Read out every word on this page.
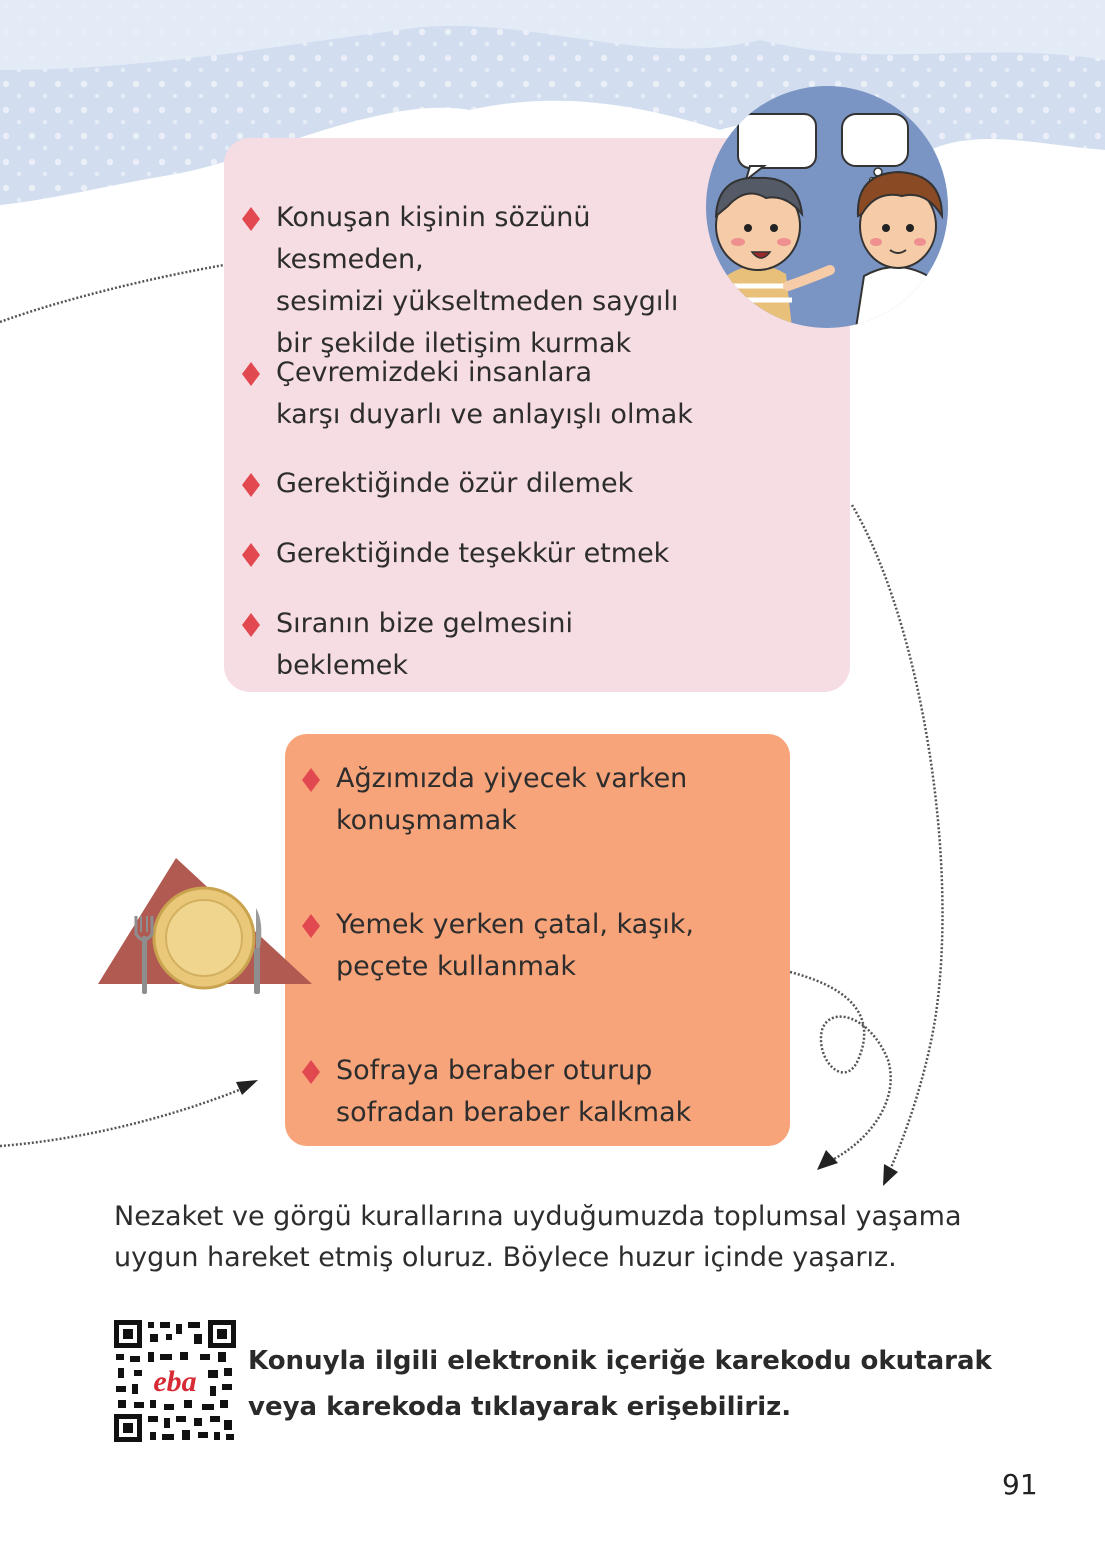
Konuşan kişinin sözünü kesmeden,
sesimizi yükseltmeden saygılı
bir şekilde iletişim kurmak
Çevremizdeki insanlara
karşı duyarlı ve anlayışlı olmak
Gerektiğinde özür dilemek
Gerektiğinde teşekkür etmek
Sıranın bize gelmesini beklemek
Ağzımızda yiyecek varken
konuşmamak
Yemek yerken çatal, kaşık,
peçete kullanmak
Sofraya beraber oturup
sofradan beraber kalkmak
Nezaket ve görgü kurallarına uyduğumuzda toplumsal yaşama
uygun hareket etmiş oluruz. Böylece huzur içinde yaşarız.
eba
Konuyla ilgili elektronik içeriğe karekodu okutarak
veya karekoda tıklayarak erişebiliriz.
91
